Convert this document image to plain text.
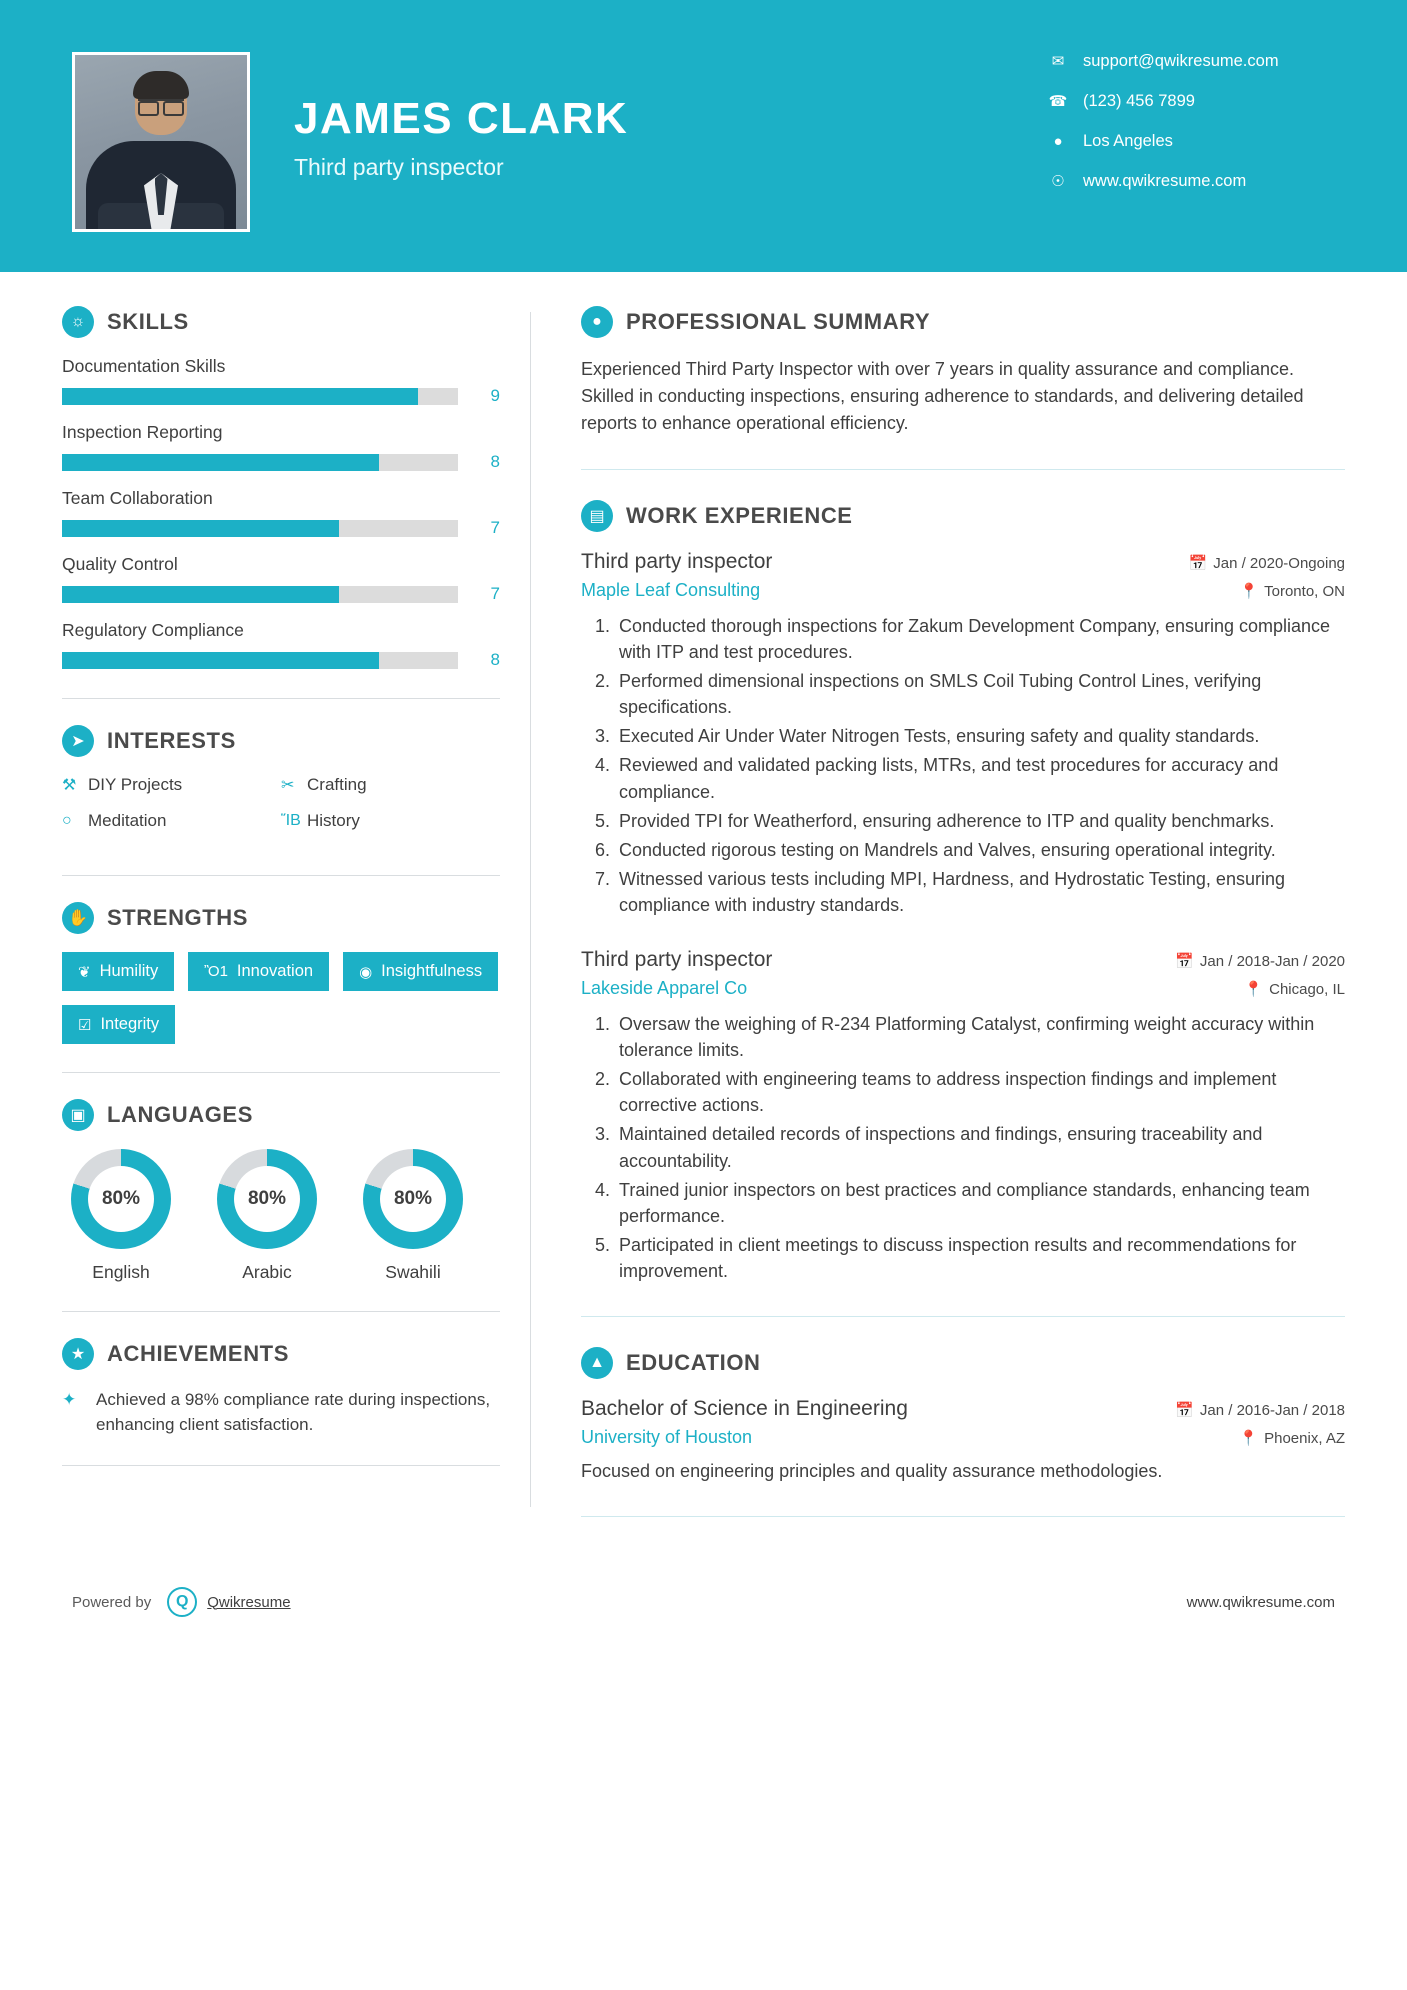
JAMES CLARK
Third party inspector
✉	support@qwikresume.com
☎ (123) 456 7899
●	Los Angeles
☉	www.qwikresume.com
☼ SKILLS
Documentation Skills
9
Inspection Reporting
8
Team Collaboration
7
Quality Control
7
Regulatory Compliance
8
➤	INTERESTS
⚒ DIY Projects	✂ Crafting
○ Meditation	ἽB History
✋ STRENGTHS
❦ Humility	Ὂ1 Innovation	◉ Insightfulness
☑ Integrity
▣ LANGUAGES
80%
English
80%
Arabic
80%
Swahili
★ ACHIEVEMENTS
✦	Achieved a 98% compliance rate during inspections, enhancing client satisfaction.
●	PROFESSIONAL SUMMARY
Experienced Third Party Inspector with over 7 years in quality assurance and compliance. Skilled in conducting inspections, ensuring adherence to standards, and delivering detailed reports to enhance operational efficiency.
▤ WORK EXPERIENCE
Third party inspector	📅 Jan / 2020-Ongoing
Maple Leaf Consulting	📍 Toronto, ON
1. Conducted thorough inspections for Zakum Development Company, ensuring compliance with ITP and test procedures.
2. Performed dimensional inspections on SMLS Coil Tubing Control Lines, verifying specifications.
3. Executed Air Under Water Nitrogen Tests, ensuring safety and quality standards.
4. Reviewed and validated packing lists, MTRs, and test procedures for accuracy and compliance.
5. Provided TPI for Weatherford, ensuring adherence to ITP and quality benchmarks.
6. Conducted rigorous testing on Mandrels and Valves, ensuring operational integrity.
7. Witnessed various tests including MPI, Hardness, and Hydrostatic Testing, ensuring compliance with industry standards.
Third party inspector	📅 Jan / 2018-Jan / 2020
Lakeside Apparel Co	📍 Chicago, IL
1. Oversaw the weighing of R-234 Platforming Catalyst, confirming weight accuracy within tolerance limits.
2. Collaborated with engineering teams to address inspection findings and implement corrective actions.
3. Maintained detailed records of inspections and findings, ensuring traceability and accountability.
4. Trained junior inspectors on best practices and compliance standards, enhancing team performance.
5. Participated in client meetings to discuss inspection results and recommendations for improvement.
▲ EDUCATION
Bachelor of Science in Engineering	📅 Jan / 2016-Jan / 2018
University of Houston	📍 Phoenix, AZ
Focused on engineering principles and quality assurance methodologies.
Powered by	Q	Qwikresume	www.qwikresume.com
